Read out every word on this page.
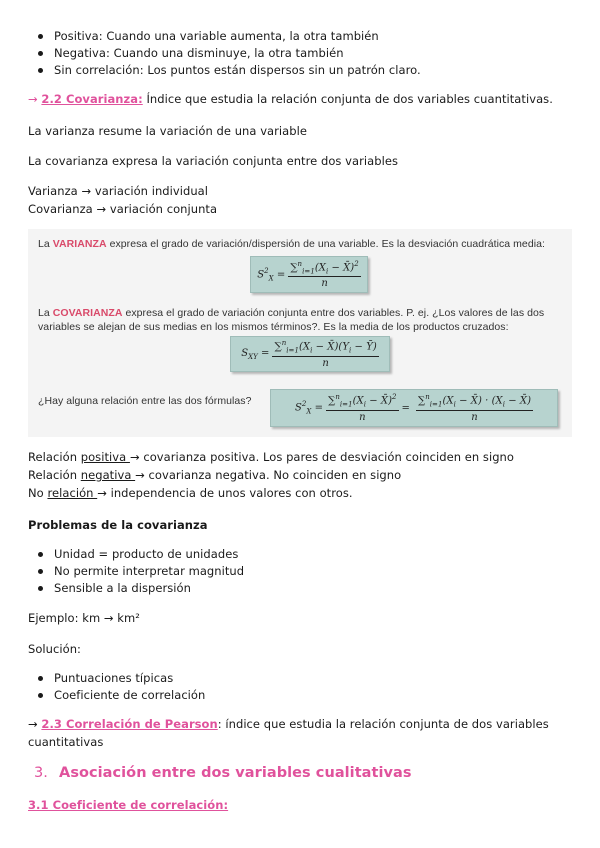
Positiva: Cuando una variable aumenta, la otra también
Negativa: Cuando una disminuye, la otra también
Sin correlación: Los puntos están dispersos sin un patrón claro.
→ 2.2 Covarianza: Índice que estudia la relación conjunta de dos variables cuantitativas.
La varianza resume la variación de una variable
La covarianza expresa la variación conjunta entre dos variables
Varianza → variación individual
Covarianza → variación conjunta
La VARIANZA expresa el grado de variación/dispersión de una variable. Es la desviación cuadrática media:
$S^2_X = \frac{\sum^n_{i=1}(X_i - X̄)^2}{n}$
La COVARIANZA expresa el grado de variación conjunta entre dos variables. P. ej. ¿Los valores de las dos
variables se alejan de sus medias en los mismos términos?. Es la media de los productos cruzados:
$S_{XY} = \frac{\sum^n_{i=1}(X_i - X̄)(Y_i - Ȳ)}{n}$
¿Hay alguna relación entre las dos fórmulas?
$S^2_X = \frac{\sum^n_{i=1}(X_i - X̄)^2}{n} = \frac{\sum^n_{i=1}(X_i - X̄) \cdot (X_i - X̄)}{n}$
Relación positiva → covarianza positiva. Los pares de desviación coinciden en signo
Relación negativa → covarianza negativa. No coinciden en signo
No relación → independencia de unos valores con otros.
Problemas de la covarianza
Unidad = producto de unidades
No permite interpretar magnitud
Sensible a la dispersión
Ejemplo: km → km²
Solución:
Puntuaciones típicas
Coeficiente de correlación
→ 2.3 Correlación de Pearson: índice que estudia la relación conjunta de dos variables
cuantitativas
3. Asociación entre dos variables cualitativas
3.1 Coeficiente de correlación:
